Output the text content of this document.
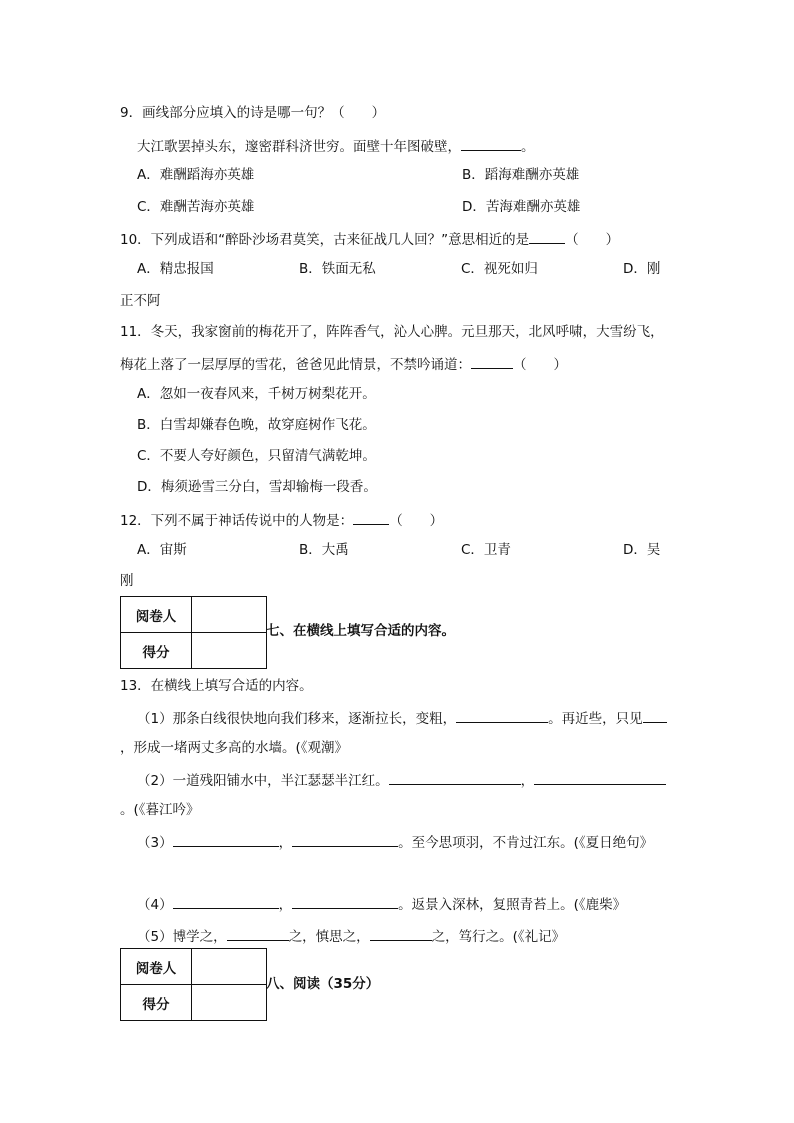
9．画线部分应填入的诗是哪一句？（　　）
大江歌罢掉头东，邃密群科济世穷。面壁十年图破壁，	。
A．难酬蹈海亦英雄	B．蹈海难酬亦英雄
C．难酬苦海亦英雄	D．苦海难酬亦英雄
10．下列成语和“醉卧沙场君莫笑，古来征战几人回？”意思相近的是	（　　）
A．精忠报国	B．铁面无私	C．视死如归	D．刚
正不阿
11．冬天，我家窗前的梅花开了，阵阵香气，沁人心脾。元旦那天，北风呼啸，大雪纷飞，
梅花上落了一层厚厚的雪花，爸爸见此情景，不禁吟诵道：	（　　）
A．忽如一夜春风来，千树万树梨花开。
B．白雪却嫌春色晚，故穿庭树作飞花。
C．不要人夸好颜色，只留清气满乾坤。
D．梅须逊雪三分白，雪却输梅一段香。
12．下列不属于神话传说中的人物是：	（　　）
A．宙斯	B．大禹	C．卫青	D．吴
刚
阅卷人	
得分	
七、在横线上填写合适的内容。
13．在横线上填写合适的内容。
（1）那条白线很快地向我们移来，逐渐拉长，变粗，	。再近些，只见
，形成一堵两丈多高的水墙。(《观潮》
（2）一道残阳铺水中，半江瑟瑟半江红。	，
。(《暮江吟》
（3）	，	。至今思项羽，不肯过江东。(《夏日绝句》
（4）	，	。返景入深林，复照青苔上。(《鹿柴》
（5）博学之，	之，慎思之，	之，笃行之。(《礼记》
阅卷人	
得分	
八、阅读（35分）
